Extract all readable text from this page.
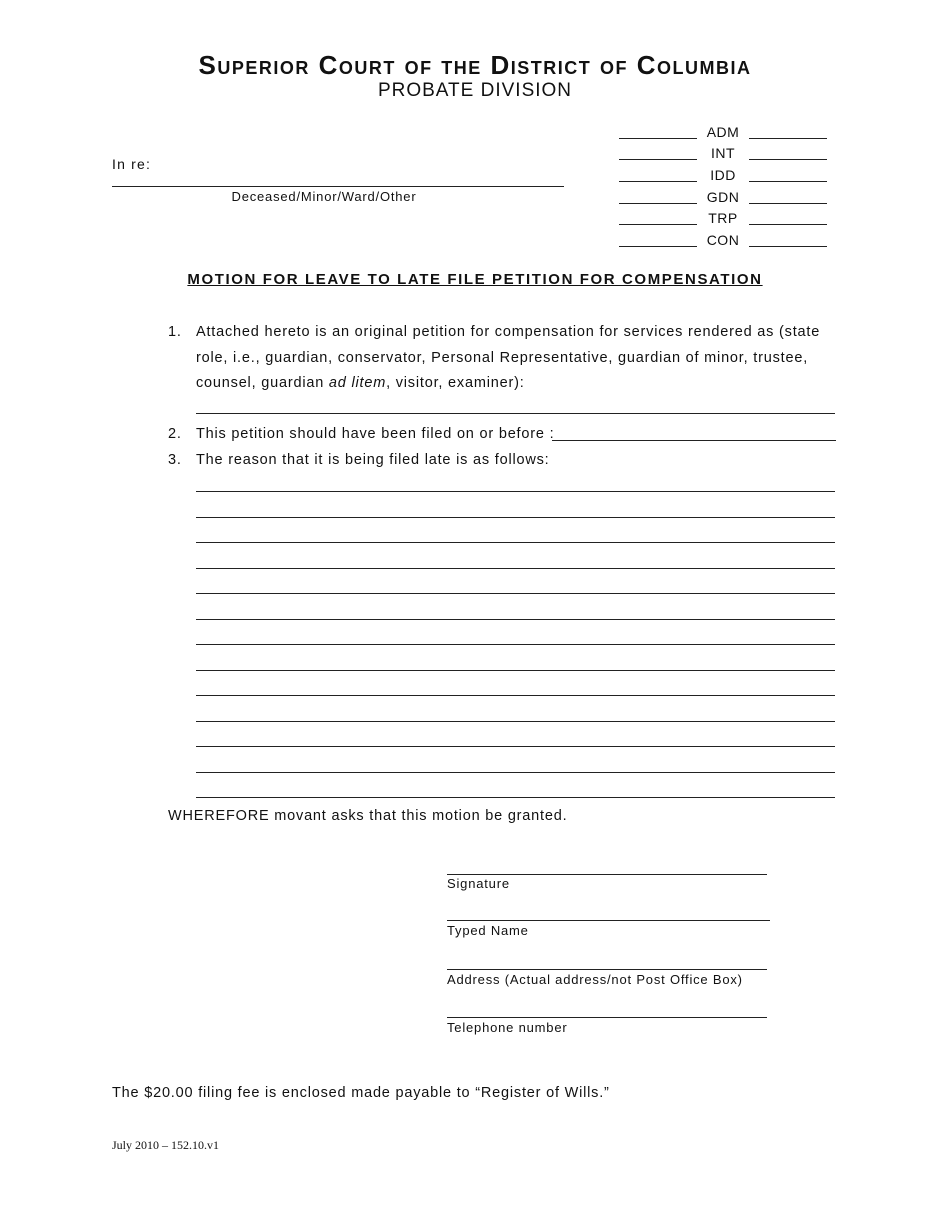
Superior Court of the District of Columbia
PROBATE DIVISION
In re:
Deceased/Minor/Ward/Other
ADM
INT
IDD
GDN
TRP
CON
MOTION FOR LEAVE TO LATE FILE PETITION FOR COMPENSATION
1. Attached hereto is an original petition for compensation for services rendered as (state
role, i.e., guardian, conservator, Personal Representative, guardian of minor, trustee,
counsel, guardian ad litem, visitor, examiner):
2. This petition should have been filed on or before :
3. The reason that it is being filed late is as follows:
WHEREFORE movant asks that this motion be granted.
Signature
Typed Name
Address (Actual address/not Post Office Box)
Telephone number
The $20.00 filing fee is enclosed made payable to “Register of Wills.”
July 2010 – 152.10.v1
